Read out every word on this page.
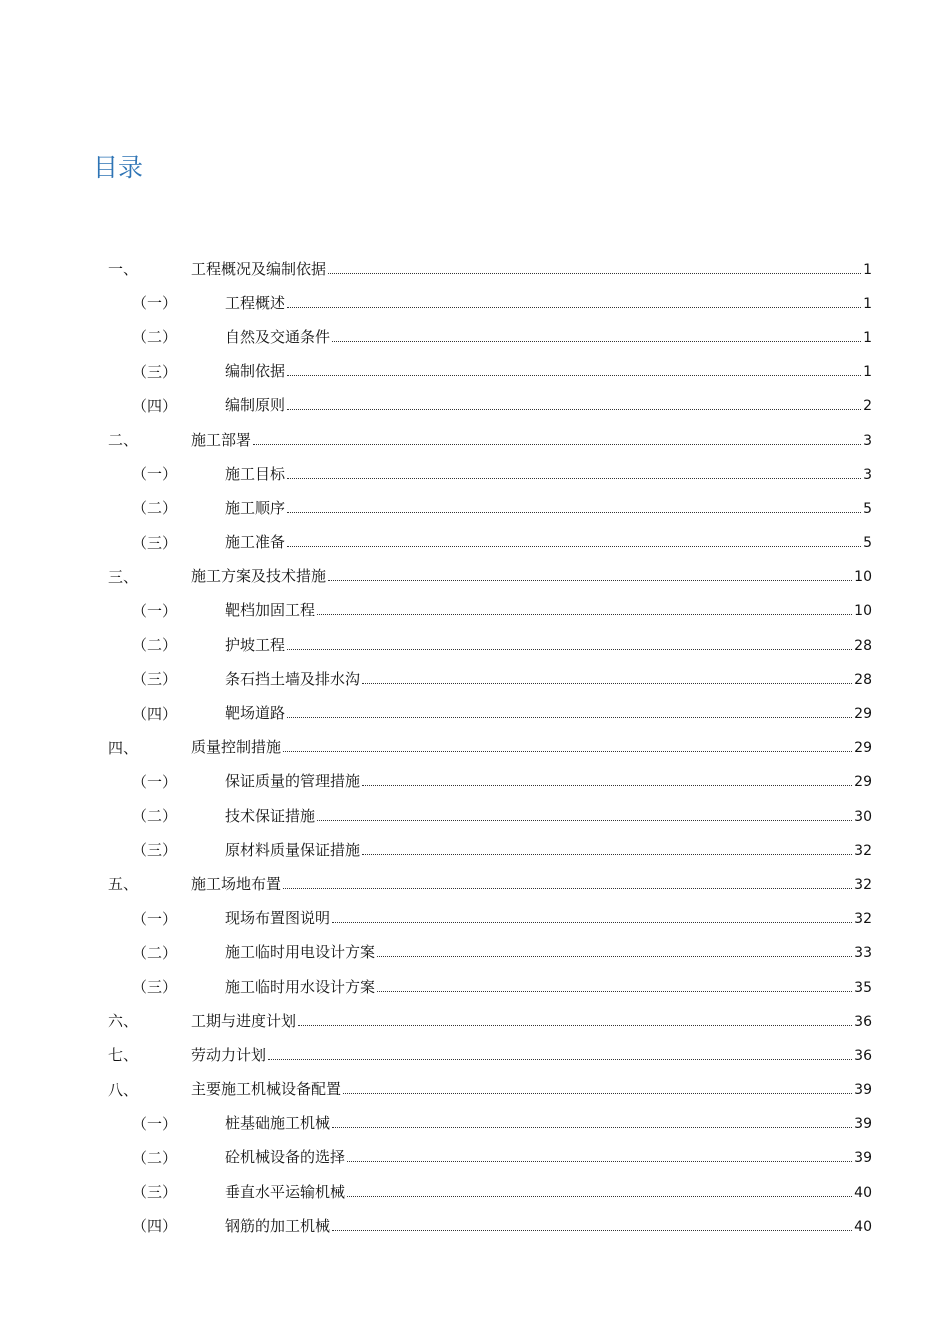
目录
一、	工程概况及编制依据	1
（一）	工程概述	1
（二）	自然及交通条件	1
（三）	编制依据	1
（四）	编制原则	2
二、	施工部署	3
（一）	施工目标	3
（二）	施工顺序	5
（三）	施工准备	5
三、	施工方案及技术措施	10
（一）	靶档加固工程	10
（二）	护坡工程	28
（三）	条石挡土墙及排水沟	28
（四）	靶场道路	29
四、	质量控制措施	29
（一）	保证质量的管理措施	29
（二）	技术保证措施	30
（三）	原材料质量保证措施	32
五、	施工场地布置	32
（一）	现场布置图说明	32
（二）	施工临时用电设计方案	33
（三）	施工临时用水设计方案	35
六、	工期与进度计划	36
七、	劳动力计划	36
八、	主要施工机械设备配置	39
（一）	桩基础施工机械	39
（二）	砼机械设备的选择	39
（三）	垂直水平运输机械	40
（四）	钢筋的加工机械	40
